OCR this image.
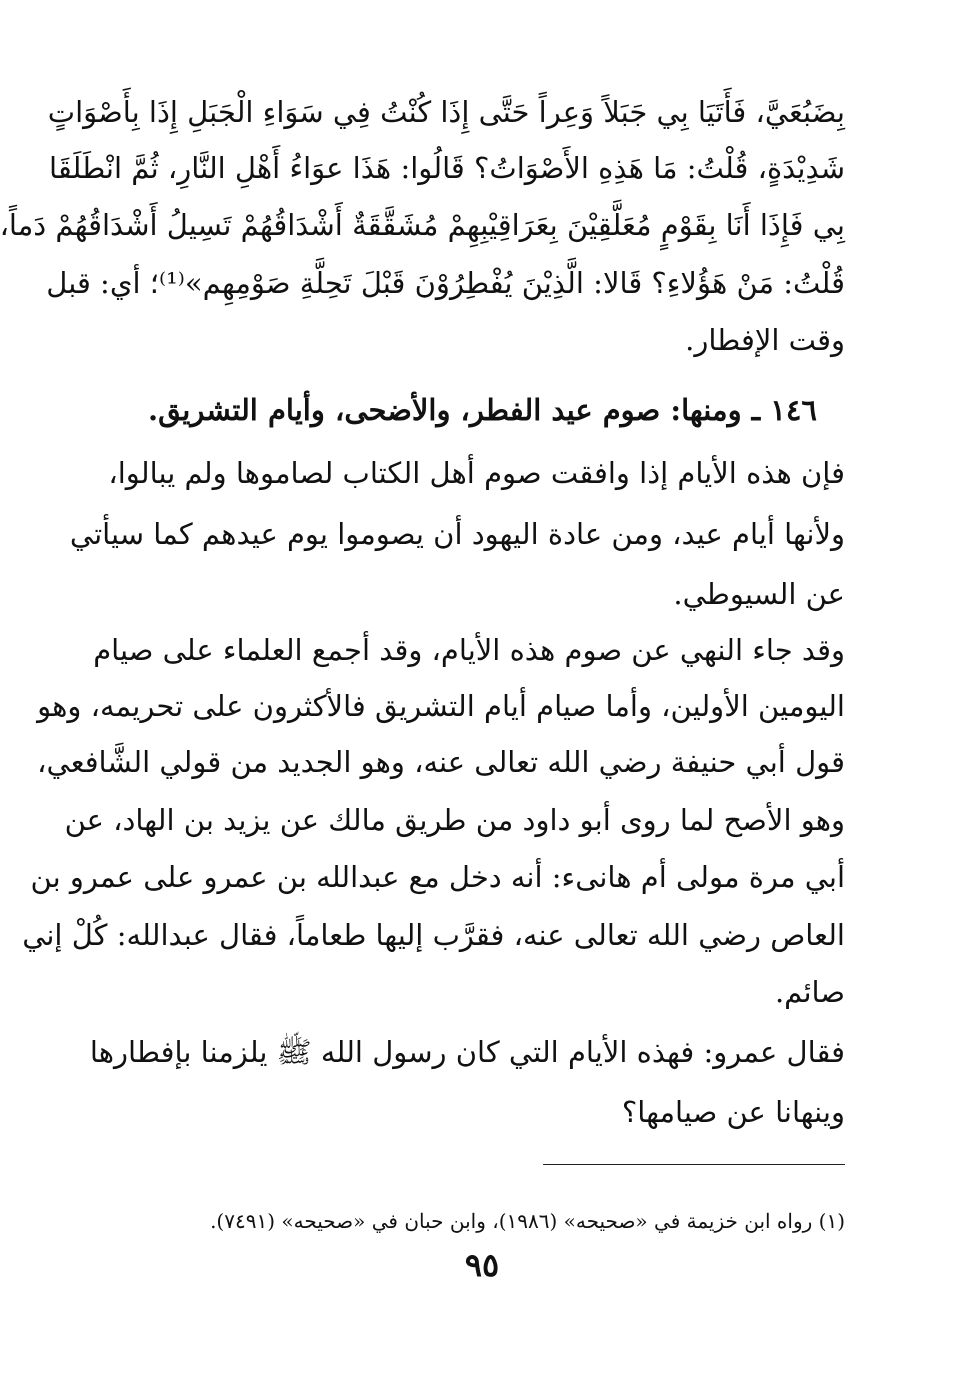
بِضَبُعَيَّ، فَأَتَيَا بِي جَبَلاً وَعِراً حَتَّى إِذَا كُنْتُ فِي سَوَاءِ الْجَبَلِ إِذَا بِأَصْوَاتٍ

شَدِيْدَةٍ، قُلْتُ: مَا هَذِهِ الأَصْوَاتُ؟ قَالُوا: هَذَا عوَاءُ أَهْلِ النَّارِ، ثُمَّ انْطَلَقَا

بِي فَإِذَا أَنَا بِقَوْمٍ مُعَلَّقِيْنَ بِعَرَاقِيْبِهِمْ مُشَقَّقَةٌ أَشْدَاقُهُمْ تَسِيلُ أَشْدَاقُهُمْ دَماً،

قُلْتُ: مَنْ هَؤُلاءِ؟ قَالا: الَّذِيْنَ يُفْطِرُوْنَ قَبْلَ تَحِلَّةِ صَوْمِهِم»⁽¹⁾؛ أي: قبل

وقت الإفطار.

١٤٦ ـ ومنها: صوم عيد الفطر، والأضحى، وأيام التشريق.

فإن هذه الأيام إذا وافقت صوم أهل الكتاب لصاموها ولم يبالوا،

ولأنها أيام عيد، ومن عادة اليهود أن يصوموا يوم عيدهم كما سيأتي

عن السيوطي.

وقد جاء النهي عن صوم هذه الأيام، وقد أجمع العلماء على صيام

اليومين الأولين، وأما صيام أيام التشريق فالأكثرون على تحريمه، وهو

قول أبي حنيفة رضي الله تعالى عنه، وهو الجديد من قولي الشَّافعي،

وهو الأصح لما روى أبو داود من طريق مالك عن يزيد بن الهاد، عن

أبي مرة مولى أم هانىء: أنه دخل مع عبدالله بن عمرو على عمرو بن

العاص رضي الله تعالى عنه، فقرَّب إليها طعاماً، فقال عبدالله: كُلْ إني

صائم.

فقال عمرو: فهذه الأيام التي كان رسول الله ﷺ يلزمنا بإفطارها

وينهانا عن صيامها؟

(١) رواه ابن خزيمة في «صحيحه» (١٩٨٦)، وابن حبان في «صحيحه» (٧٤٩١).

٩٥
